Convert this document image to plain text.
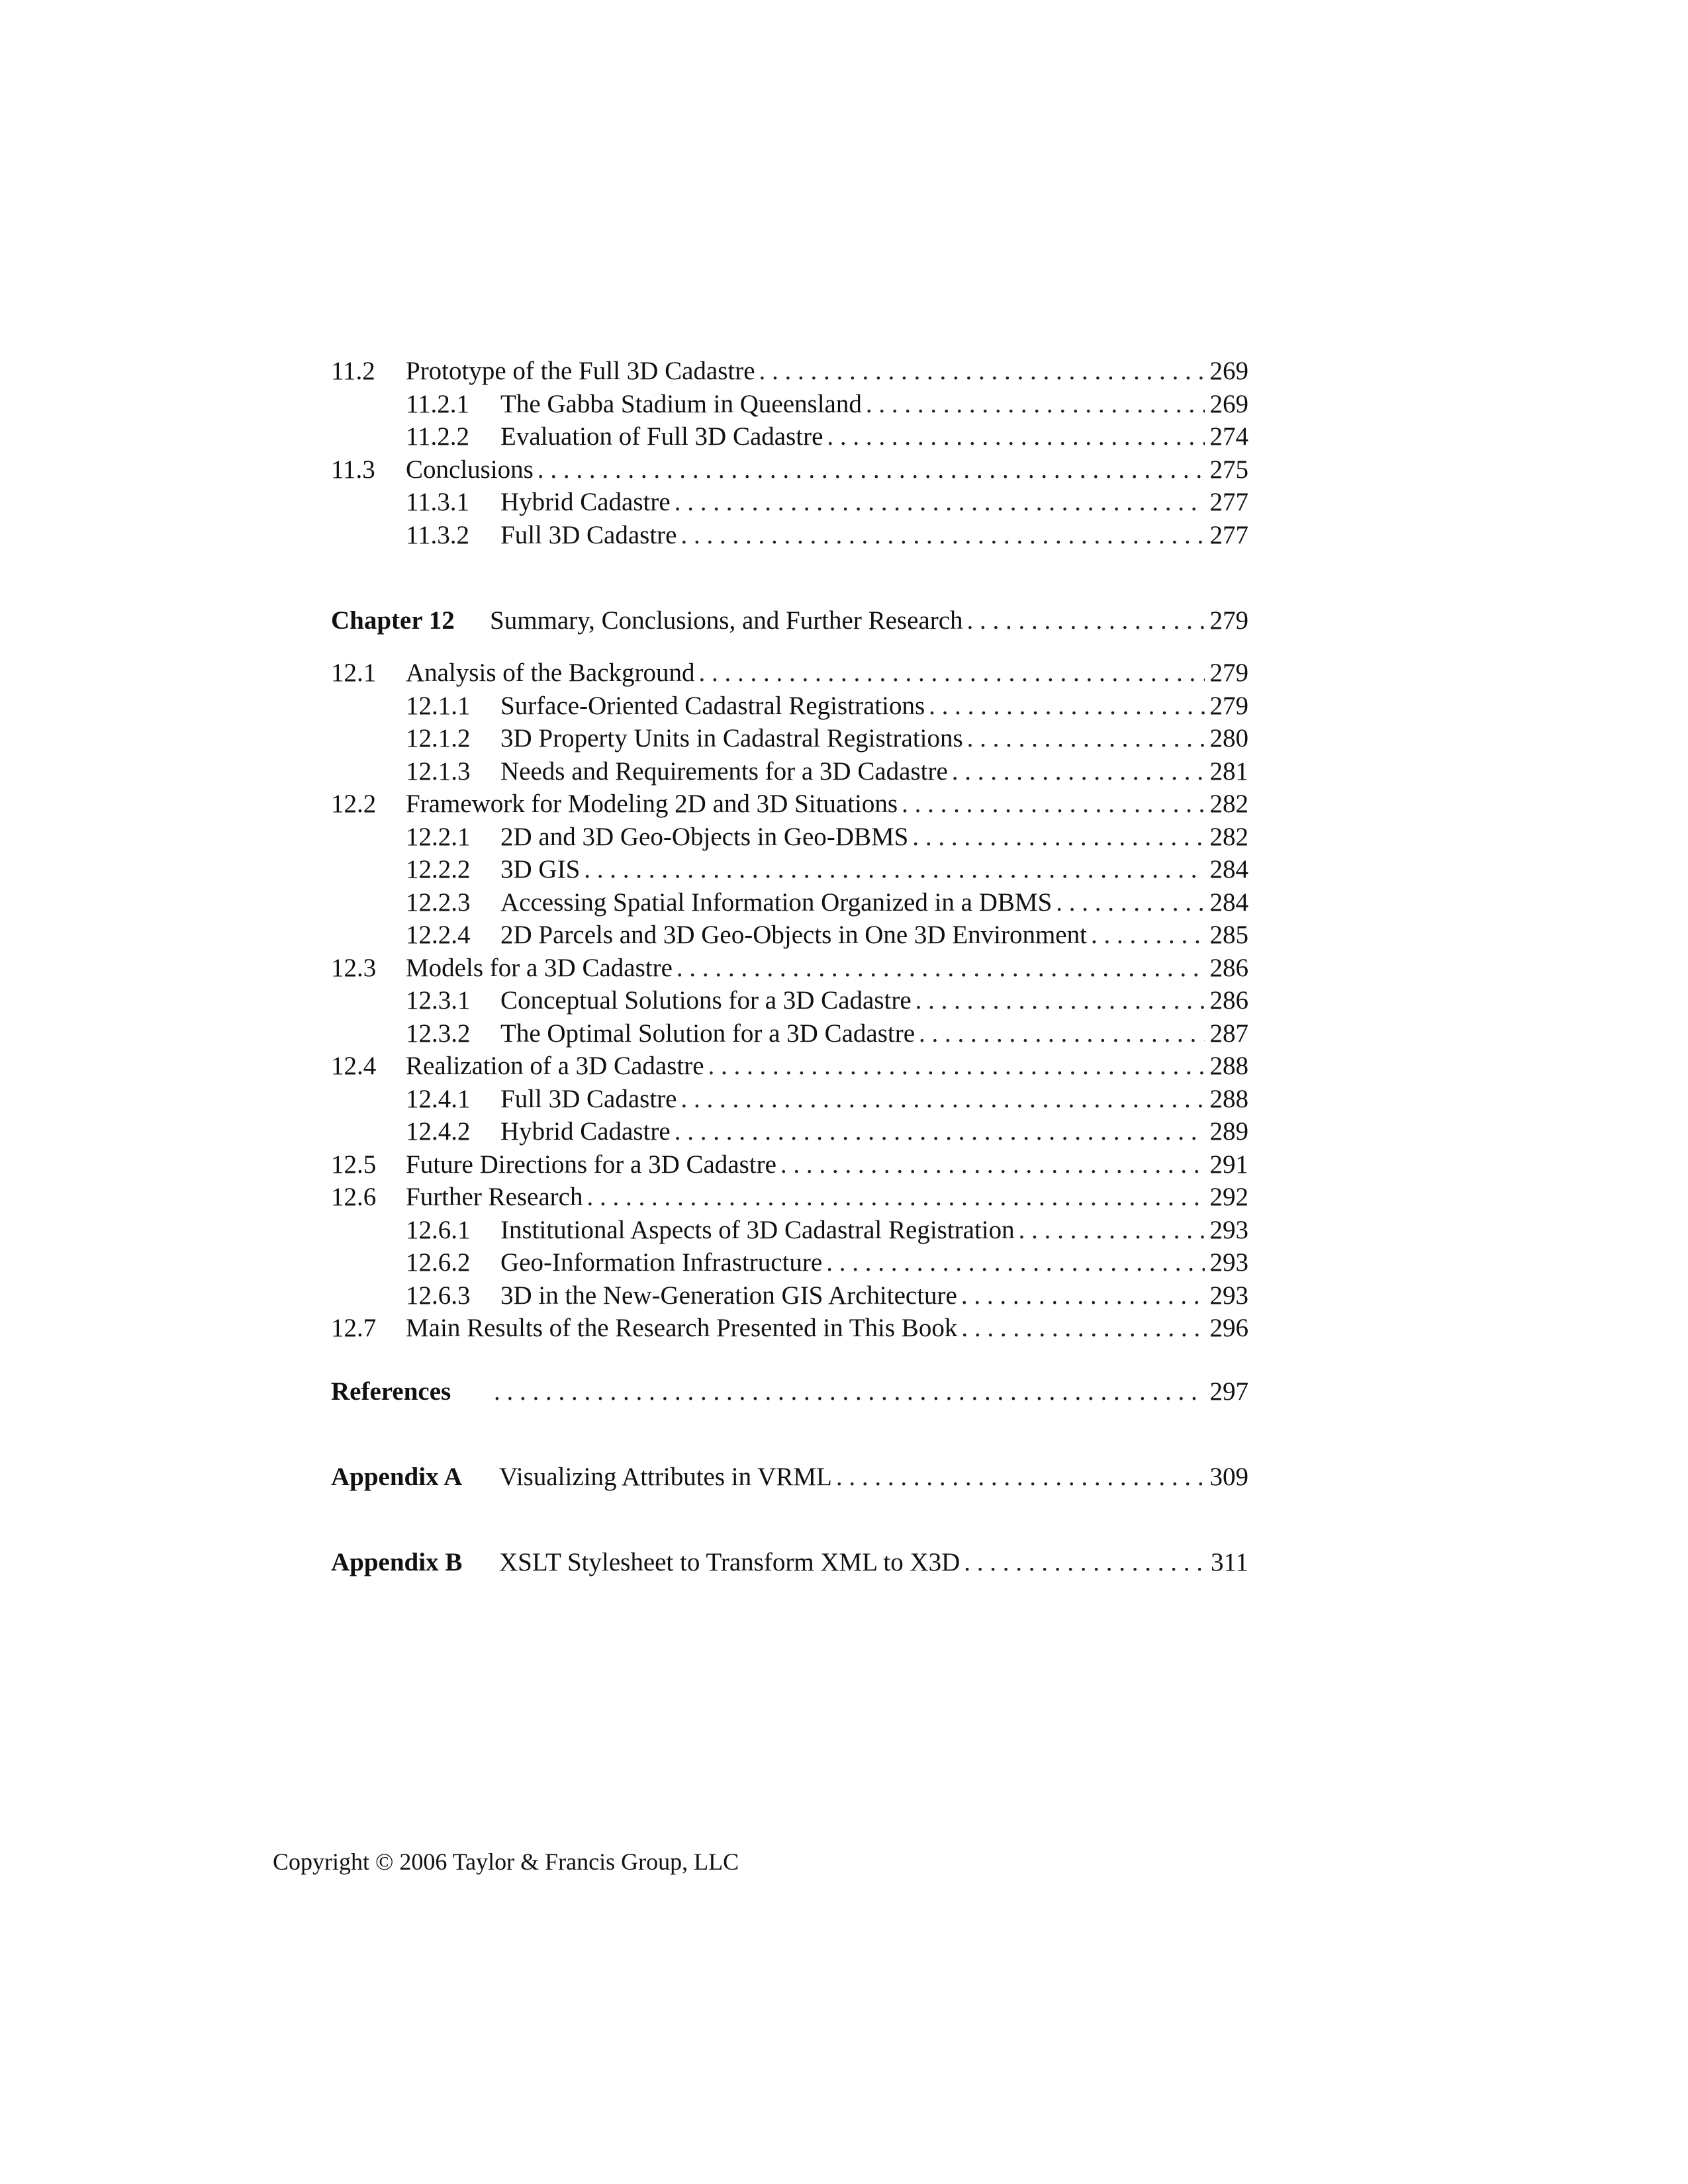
11.2	Prototype of the Full 3D Cadastre . . .	269
11.2.1	The Gabba Stadium in Queensland . . .	269
11.2.2	Evaluation of Full 3D Cadastre . . .	274
11.3	Conclusions . . .	275
11.3.1	Hybrid Cadastre . . .	277
11.3.2	Full 3D Cadastre . . .	277
Chapter 12	Summary, Conclusions, and Further Research . . .	279
12.1	Analysis of the Background . . .	279
12.1.1	Surface-Oriented Cadastral Registrations . . .	279
12.1.2	3D Property Units in Cadastral Registrations . . .	280
12.1.3	Needs and Requirements for a 3D Cadastre . . .	281
12.2	Framework for Modeling 2D and 3D Situations . . .	282
12.2.1	2D and 3D Geo-Objects in Geo-DBMS . . .	282
12.2.2	3D GIS . . .	284
12.2.3	Accessing Spatial Information Organized in a DBMS . . .	284
12.2.4	2D Parcels and 3D Geo-Objects in One 3D Environment . . .	285
12.3	Models for a 3D Cadastre . . .	286
12.3.1	Conceptual Solutions for a 3D Cadastre . . .	286
12.3.2	The Optimal Solution for a 3D Cadastre . . .	287
12.4	Realization of a 3D Cadastre . . .	288
12.4.1	Full 3D Cadastre . . .	288
12.4.2	Hybrid Cadastre . . .	289
12.5	Future Directions for a 3D Cadastre . . .	291
12.6	Further Research . . .	292
12.6.1	Institutional Aspects of 3D Cadastral Registration . . .	293
12.6.2	Geo-Information Infrastructure . . .	293
12.6.3	3D in the New-Generation GIS Architecture . . .	293
12.7	Main Results of the Research Presented in This Book . . .	296
References . . .	297
Appendix A	Visualizing Attributes in VRML . . .	309
Appendix B	XSLT Stylesheet to Transform XML to X3D . . .	311
Copyright © 2006 Taylor & Francis Group, LLC
